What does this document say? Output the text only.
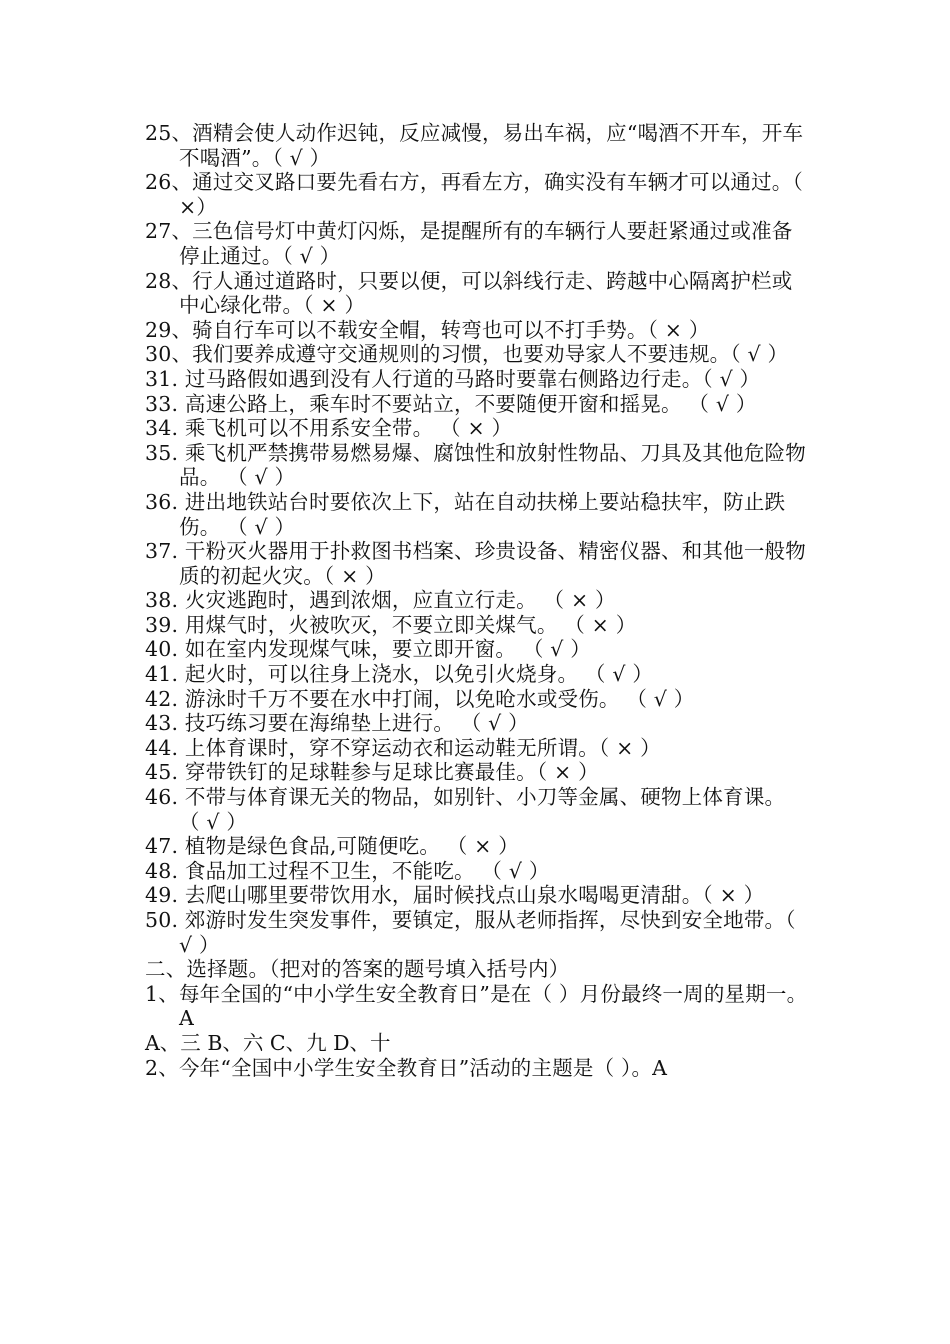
25、酒精会使人动作迟钝，反应减慢，易出车祸，应“喝酒不开车，开车不喝酒”。（ √ ）
26、通过交叉路口要先看右方，再看左方，确实没有车辆才可以通过。（ ×）
27、三色信号灯中黄灯闪烁，是提醒所有的车辆行人要赶紧通过或准备停止通过。（ √ ）
28、行人通过道路时，只要以便，可以斜线行走、跨越中心隔离护栏或中心绿化带。（ × ）
29、骑自行车可以不载安全帽，转弯也可以不打手势。（ × ）
30、我们要养成遵守交通规则的习惯，也要劝导家人不要违规。（ √ ）
31. 过马路假如遇到没有人行道的马路时要靠右侧路边行走。（ √ ）
33. 高速公路上，乘车时不要站立，不要随便开窗和摇晃。 （ √ ）
34. 乘飞机可以不用系安全带。 （ × ）
35. 乘飞机严禁携带易燃易爆、腐蚀性和放射性物品、刀具及其他危险物品。 （ √ ）
36. 进出地铁站台时要依次上下，站在自动扶梯上要站稳扶牢，防止跌伤。 （ √ ）
37. 干粉灭火器用于扑救图书档案、珍贵设备、精密仪器、和其他一般物质的初起火灾。（ × ）
38. 火灾逃跑时，遇到浓烟，应直立行走。 （ × ）
39. 用煤气时，火被吹灭，不要立即关煤气。 （ × ）
40. 如在室内发现煤气味，要立即开窗。 （ √ ）
41. 起火时，可以往身上浇水，以免引火烧身。 （ √ ）
42. 游泳时千万不要在水中打闹，以免呛水或受伤。 （ √ ）
43. 技巧练习要在海绵垫上进行。 （ √ ）
44. 上体育课时，穿不穿运动衣和运动鞋无所谓。（ × ）
45. 穿带铁钉的足球鞋参与足球比赛最佳。（ × ）
46. 不带与体育课无关的物品，如别针、小刀等金属、硬物上体育课。 （ √ ）
47. 植物是绿色食品,可随便吃。 （ × ）
48. 食品加工过程不卫生，不能吃。 （ √ ）
49. 去爬山哪里要带饮用水，届时候找点山泉水喝喝更清甜。（ × ）
50. 郊游时发生突发事件，要镇定，服从老师指挥，尽快到安全地带。（ √ ）
二、选择题。（把对的答案的题号填入括号内）
1、每年全国的“中小学生安全教育日”是在（ ）月份最终一周的星期一。A
A、三 B、六 C、九 D、十
2、今年“全国中小学生安全教育日”活动的主题是（ ）。A
